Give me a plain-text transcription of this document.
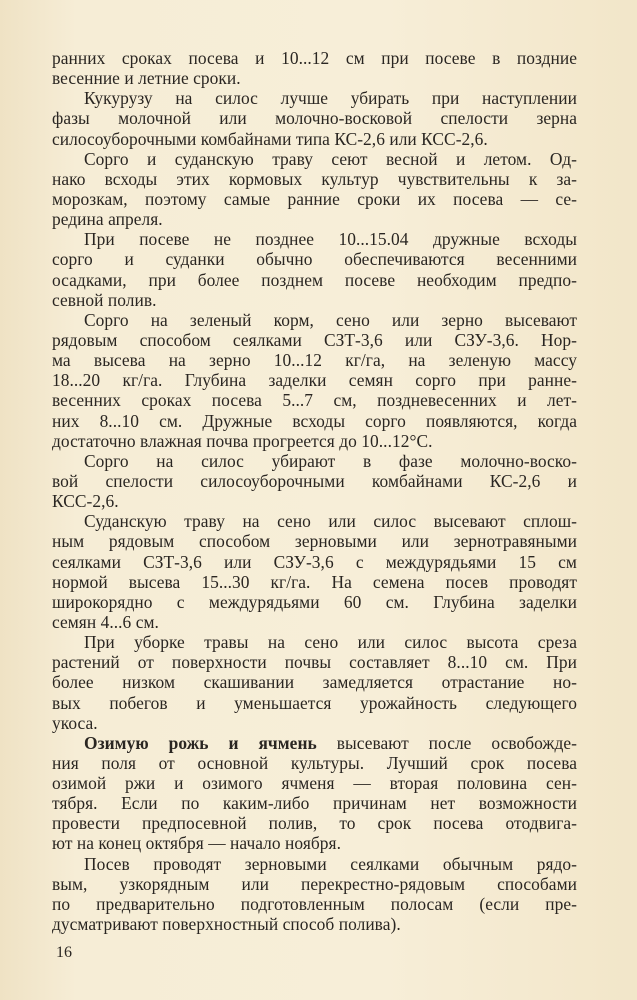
ранних сроках посева и 10...12 см при посеве в поздние
весенние и летние сроки.
Кукурузу на силос лучше убирать при наступлении
фазы молочной или молочно-восковой спелости зерна
силосоуборочными комбайнами типа КС-2,6 или КСС-2,6.
Сорго и суданскую траву сеют весной и летом. Од-
нако всходы этих кормовых культур чувствительны к за-
морозкам, поэтому самые ранние сроки их посева — се-
редина апреля.
При посеве не позднее 10...15.04 дружные всходы
сорго и суданки обычно обеспечиваются весенними
осадками, при более позднем посеве необходим предпо-
севной полив.
Сорго на зеленый корм, сено или зерно высевают
рядовым способом сеялками СЗТ-3,6 или СЗУ-3,6. Нор-
ма высева на зерно 10...12 кг/га, на зеленую массу
18...20 кг/га. Глубина заделки семян сорго при ранне-
весенних сроках посева 5...7 см, поздневесенних и лет-
них 8...10 см. Дружные всходы сорго появляются, когда
достаточно влажная почва прогреется до 10...12°С.
Сорго на силос убирают в фазе молочно-воско-
вой спелости силосоуборочными комбайнами КС-2,6 и
КСС-2,6.
Суданскую траву на сено или силос высевают сплош-
ным рядовым способом зерновыми или зернотравяными
сеялками СЗТ-3,6 или СЗУ-3,6 с междурядьями 15 см
нормой высева 15...30 кг/га. На семена посев проводят
широкорядно с междурядьями 60 см. Глубина заделки
семян 4...6 см.
При уборке травы на сено или силос высота среза
растений от поверхности почвы составляет 8...10 см. При
более низком скашивании замедляется отрастание но-
вых побегов и уменьшается урожайность следующего
укоса.
Озимую рожь и ячмень высевают после освобожде-
ния поля от основной культуры. Лучший срок посева
озимой ржи и озимого ячменя — вторая половина сен-
тября. Если по каким-либо причинам нет возможности
провести предпосевной полив, то срок посева отодвига-
ют на конец октября — начало ноября.
Посев проводят зерновыми сеялками обычным рядо-
вым, узкорядным или перекрестно-рядовым способами
по предварительно подготовленным полосам (если пре-
дусматривают поверхностный способ полива).
16
